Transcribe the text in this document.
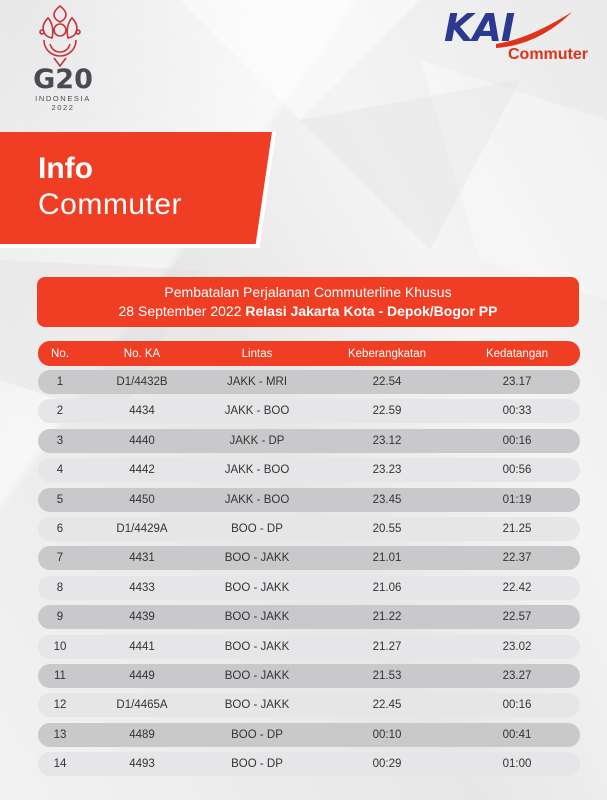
G20
INDONESIA
2022
KAI
Commuter
Info
Commuter
Pembatalan Perjalanan Commuterline Khusus
28 September 2022 Relasi Jakarta Kota - Depok/Bogor PP
No.	No. KA	Lintas	Keberangkatan	Kedatangan
1	D1/4432B	JAKK - MRI	22.54	23.17
2	4434	JAKK - BOO	22.59	00:33
3	4440	JAKK - DP	23.12	00:16
4	4442	JAKK - BOO	23.23	00:56
5	4450	JAKK - BOO	23.45	01:19
6	D1/4429A	BOO - DP	20.55	21.25
7	4431	BOO - JAKK	21.01	22.37
8	4433	BOO - JAKK	21.06	22.42
9	4439	BOO - JAKK	21.22	22.57
10	4441	BOO - JAKK	21.27	23.02
11	4449	BOO - JAKK	21.53	23.27
12	D1/4465A	BOO - JAKK	22.45	00:16
13	4489	BOO - DP	00:10	00:41
14	4493	BOO - DP	00:29	01:00
